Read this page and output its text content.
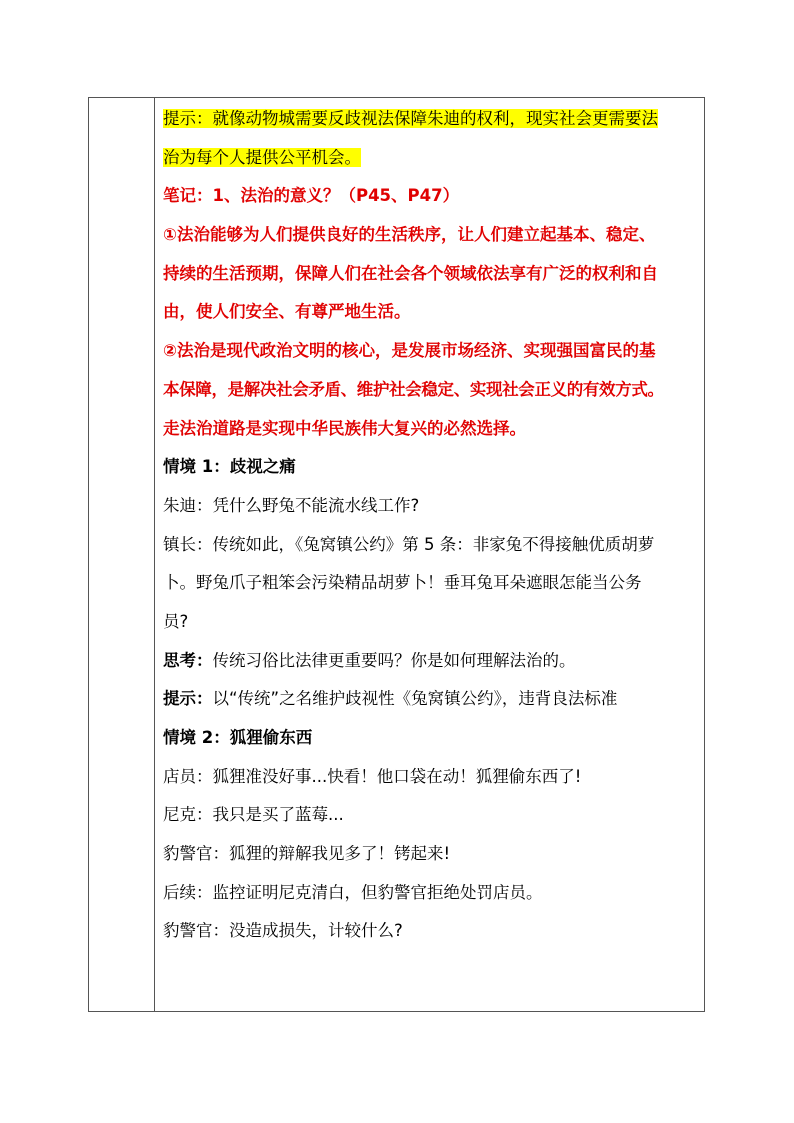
提示：就像动物城需要反歧视法保障朱迪的权利，现实社会更需要法
治为每个人提供公平机会。
笔记：1、法治的意义？（P45、P47）
①法治能够为人们提供良好的生活秩序，让人们建立起基本、稳定、
持续的生活预期，保障人们在社会各个领域依法享有广泛的权利和自
由，使人们安全、有尊严地生活。
②法治是现代政治文明的核心，是发展市场经济、实现强国富民的基
本保障，是解决社会矛盾、维护社会稳定、实现社会正义的有效方式。
走法治道路是实现中华民族伟大复兴的必然选择。
情境 1：歧视之痛
朱迪：凭什么野兔不能流水线工作?
镇长：传统如此，《兔窝镇公约》第 5 条：非家兔不得接触优质胡萝
卜。野兔爪子粗笨会污染精品胡萝卜！垂耳兔耳朵遮眼怎能当公务
员?
思考：传统习俗比法律更重要吗？你是如何理解法治的。
提示：以“传统”之名维护歧视性《兔窝镇公约》，违背良法标准
情境 2：狐狸偷东西
店员：狐狸准没好事...快看！他口袋在动！狐狸偷东西了!
尼克：我只是买了蓝莓...
豹警官：狐狸的辩解我见多了！铐起来!
后续：监控证明尼克清白，但豹警官拒绝处罚店员。
豹警官：没造成损失，计较什么?
